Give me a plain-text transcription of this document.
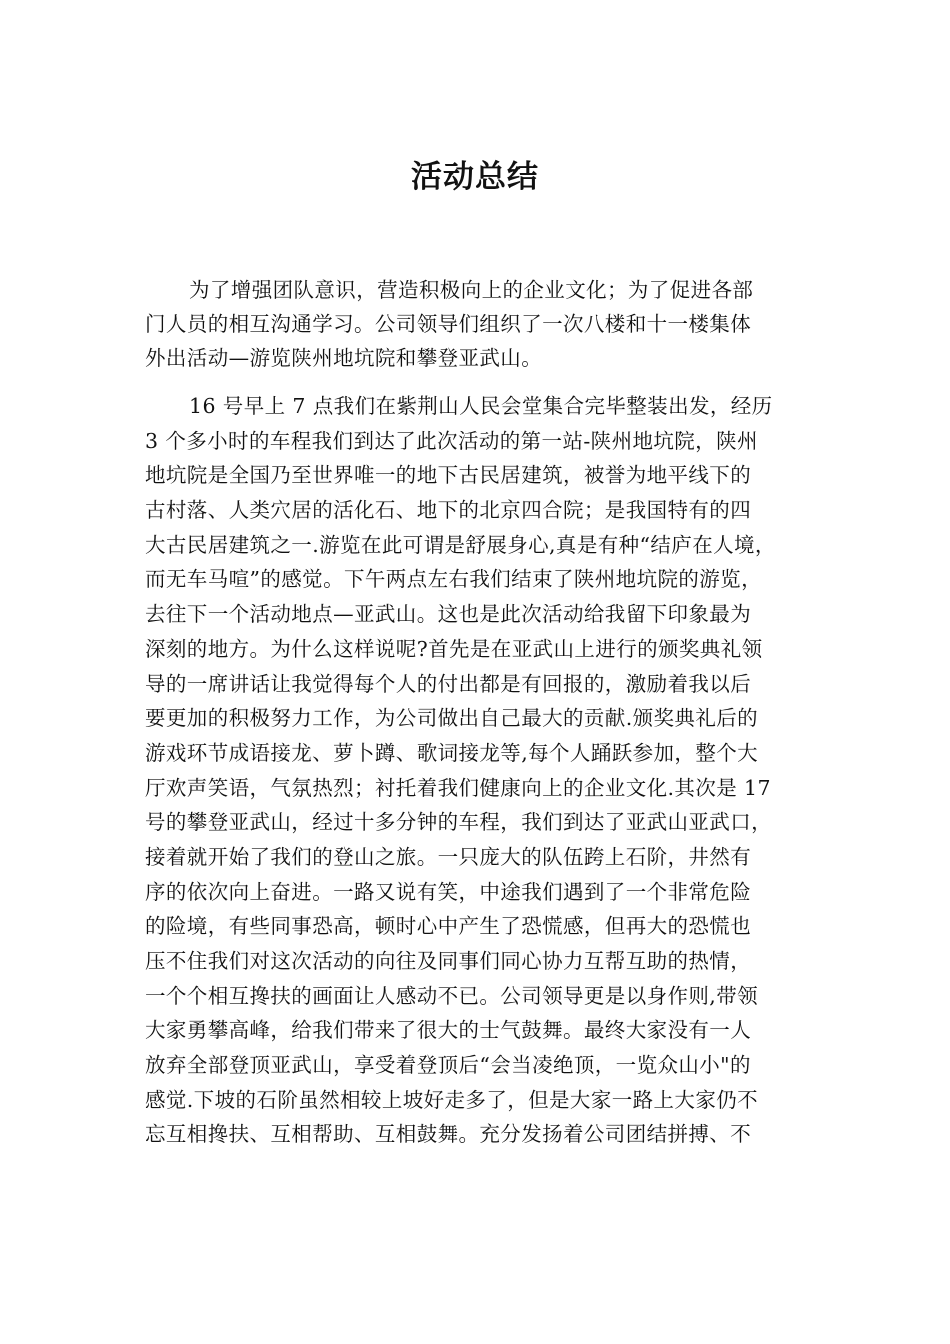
活动总结
为了增强团队意识，营造积极向上的企业文化；为了促进各部
门人员的相互沟通学习。公司领导们组织了一次八楼和十一楼集体
外出活动—游览陕州地坑院和攀登亚武山。
16 号早上 7 点我们在紫荆山人民会堂集合完毕整装出发，经历
3 个多小时的车程我们到达了此次活动的第一站-陕州地坑院，陕州
地坑院是全国乃至世界唯一的地下古民居建筑，被誉为地平线下的
古村落、人类穴居的活化石、地下的北京四合院；是我国特有的四
大古民居建筑之一.游览在此可谓是舒展身心,真是有种“结庐在人境，
而无车马喧”的感觉。下午两点左右我们结束了陕州地坑院的游览，
去往下一个活动地点—亚武山。这也是此次活动给我留下印象最为
深刻的地方。为什么这样说呢?首先是在亚武山上进行的颁奖典礼领
导的一席讲话让我觉得每个人的付出都是有回报的，激励着我以后
要更加的积极努力工作，为公司做出自己最大的贡献.颁奖典礼后的
游戏环节成语接龙、萝卜蹲、歌词接龙等,每个人踊跃参加，整个大
厅欢声笑语，气氛热烈；衬托着我们健康向上的企业文化.其次是 17
号的攀登亚武山，经过十多分钟的车程，我们到达了亚武山亚武口，
接着就开始了我们的登山之旅。一只庞大的队伍跨上石阶，井然有
序的依次向上奋进。一路又说有笑，中途我们遇到了一个非常危险
的险境，有些同事恐高，顿时心中产生了恐慌感，但再大的恐慌也
压不住我们对这次活动的向往及同事们同心协力互帮互助的热情，
一个个相互搀扶的画面让人感动不已。公司领导更是以身作则,带领
大家勇攀高峰，给我们带来了很大的士气鼓舞。最终大家没有一人
放弃全部登顶亚武山，享受着登顶后“会当凌绝顶，一览众山小"的
感觉.下坡的石阶虽然相较上坡好走多了，但是大家一路上大家仍不
忘互相搀扶、互相帮助、互相鼓舞。充分发扬着公司团结拼搏、不
